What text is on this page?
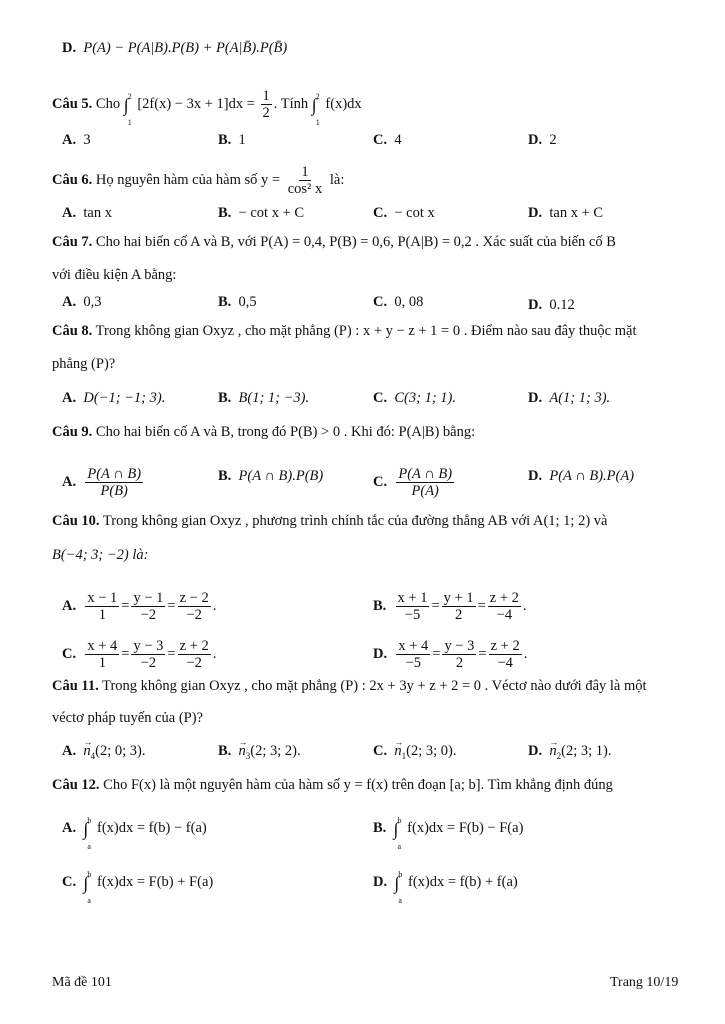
D. P(A) − P(A|B).P(B) + P(A|B̄).P(B̄)
Câu 5. Cho ∫ 2
1
$[2f(x) - 3x + 1]dx = \frac{1}{2}$ . Tính ∫ 2
1
f(x)dx
A. 3	B. 1	C. 4	D. 2
Câu 6. Họ nguyên hàm của hàm số $y = \frac{1}{\text{cos² x}}$ là:
A. tan x	B. − cot x + C	C. − cot x	D. tan x + C
Câu 7. Cho hai biến cố A và B, với P(A) = 0,4, P(B) = 0,6, P(A|B) = 0,2 . Xác suất của biến cố B
với điều kiện A bằng:
A. 0,3	B. 0,5	C. 0, 08	D. 0.12
Câu 8. Trong không gian Oxyz , cho mặt phẳng (P) : x + y − z + 1 = 0 . Điểm nào sau đây thuộc mặt
phẳng (P)?
A. D(−1; −1; 3).	B. B(1; 1; −3).	C. C(3; 1; 1).	D. A(1; 1; 3).
Câu 9. Cho hai biến cố A và B, trong đó P(B) > 0 . Khi đó: P(A|B) bằng:
A. $\frac{P(A \cap B)}{P(B)}$	B. P(A ∩ B).P(B)	C. $\frac{P(A \cap B)}{P(A)}$	D. P(A ∩ B).P(A)
Câu 10. Trong không gian Oxyz , phương trình chính tắc của đường thẳng AB với A(1; 1; 2) và
B(−4; 3; −2) là:
A. $\frac{x - 1}{1} = \frac{y - 1}{-2} = \frac{z - 2}{-2}$ .	B. $\frac{x + 1}{-5} = \frac{y + 1}{2} = \frac{z + 2}{-4}$ .
C. $\frac{x + 4}{1} = \frac{y - 3}{-2} = \frac{z + 2}{-2}$ .	D. $\frac{x + 4}{-5} = \frac{y - 3}{2} = \frac{z + 2}{-4}$ .
Câu 11. Trong không gian Oxyz , cho mặt phẳng (P) : 2x + 3y + z + 2 = 0 . Véctơ nào dưới đây là một
véctơ pháp tuyến của (P)?
A. → $n_4(2$; 0; 3).	B. → $n_3(2$; 3; 2).	C. → $n_1(2$; 3; 0).	D. → $n_2(2$; 3; 1).
Câu 12. Cho F(x) là một nguyên hàm của hàm số y = f(x) trên đoạn [a; b]. Tìm khẳng định đúng
A. ∫ b
a
f(x)dx = f(b) − f(a)	B. ∫ b
a
f(x)dx = F(b) − F(a)
C. ∫ b
a
f(x)dx = F(b) + F(a)	D. ∫ b
a
f(x)dx = f(b) + f(a)
Mã đề 101	Trang 10/19
